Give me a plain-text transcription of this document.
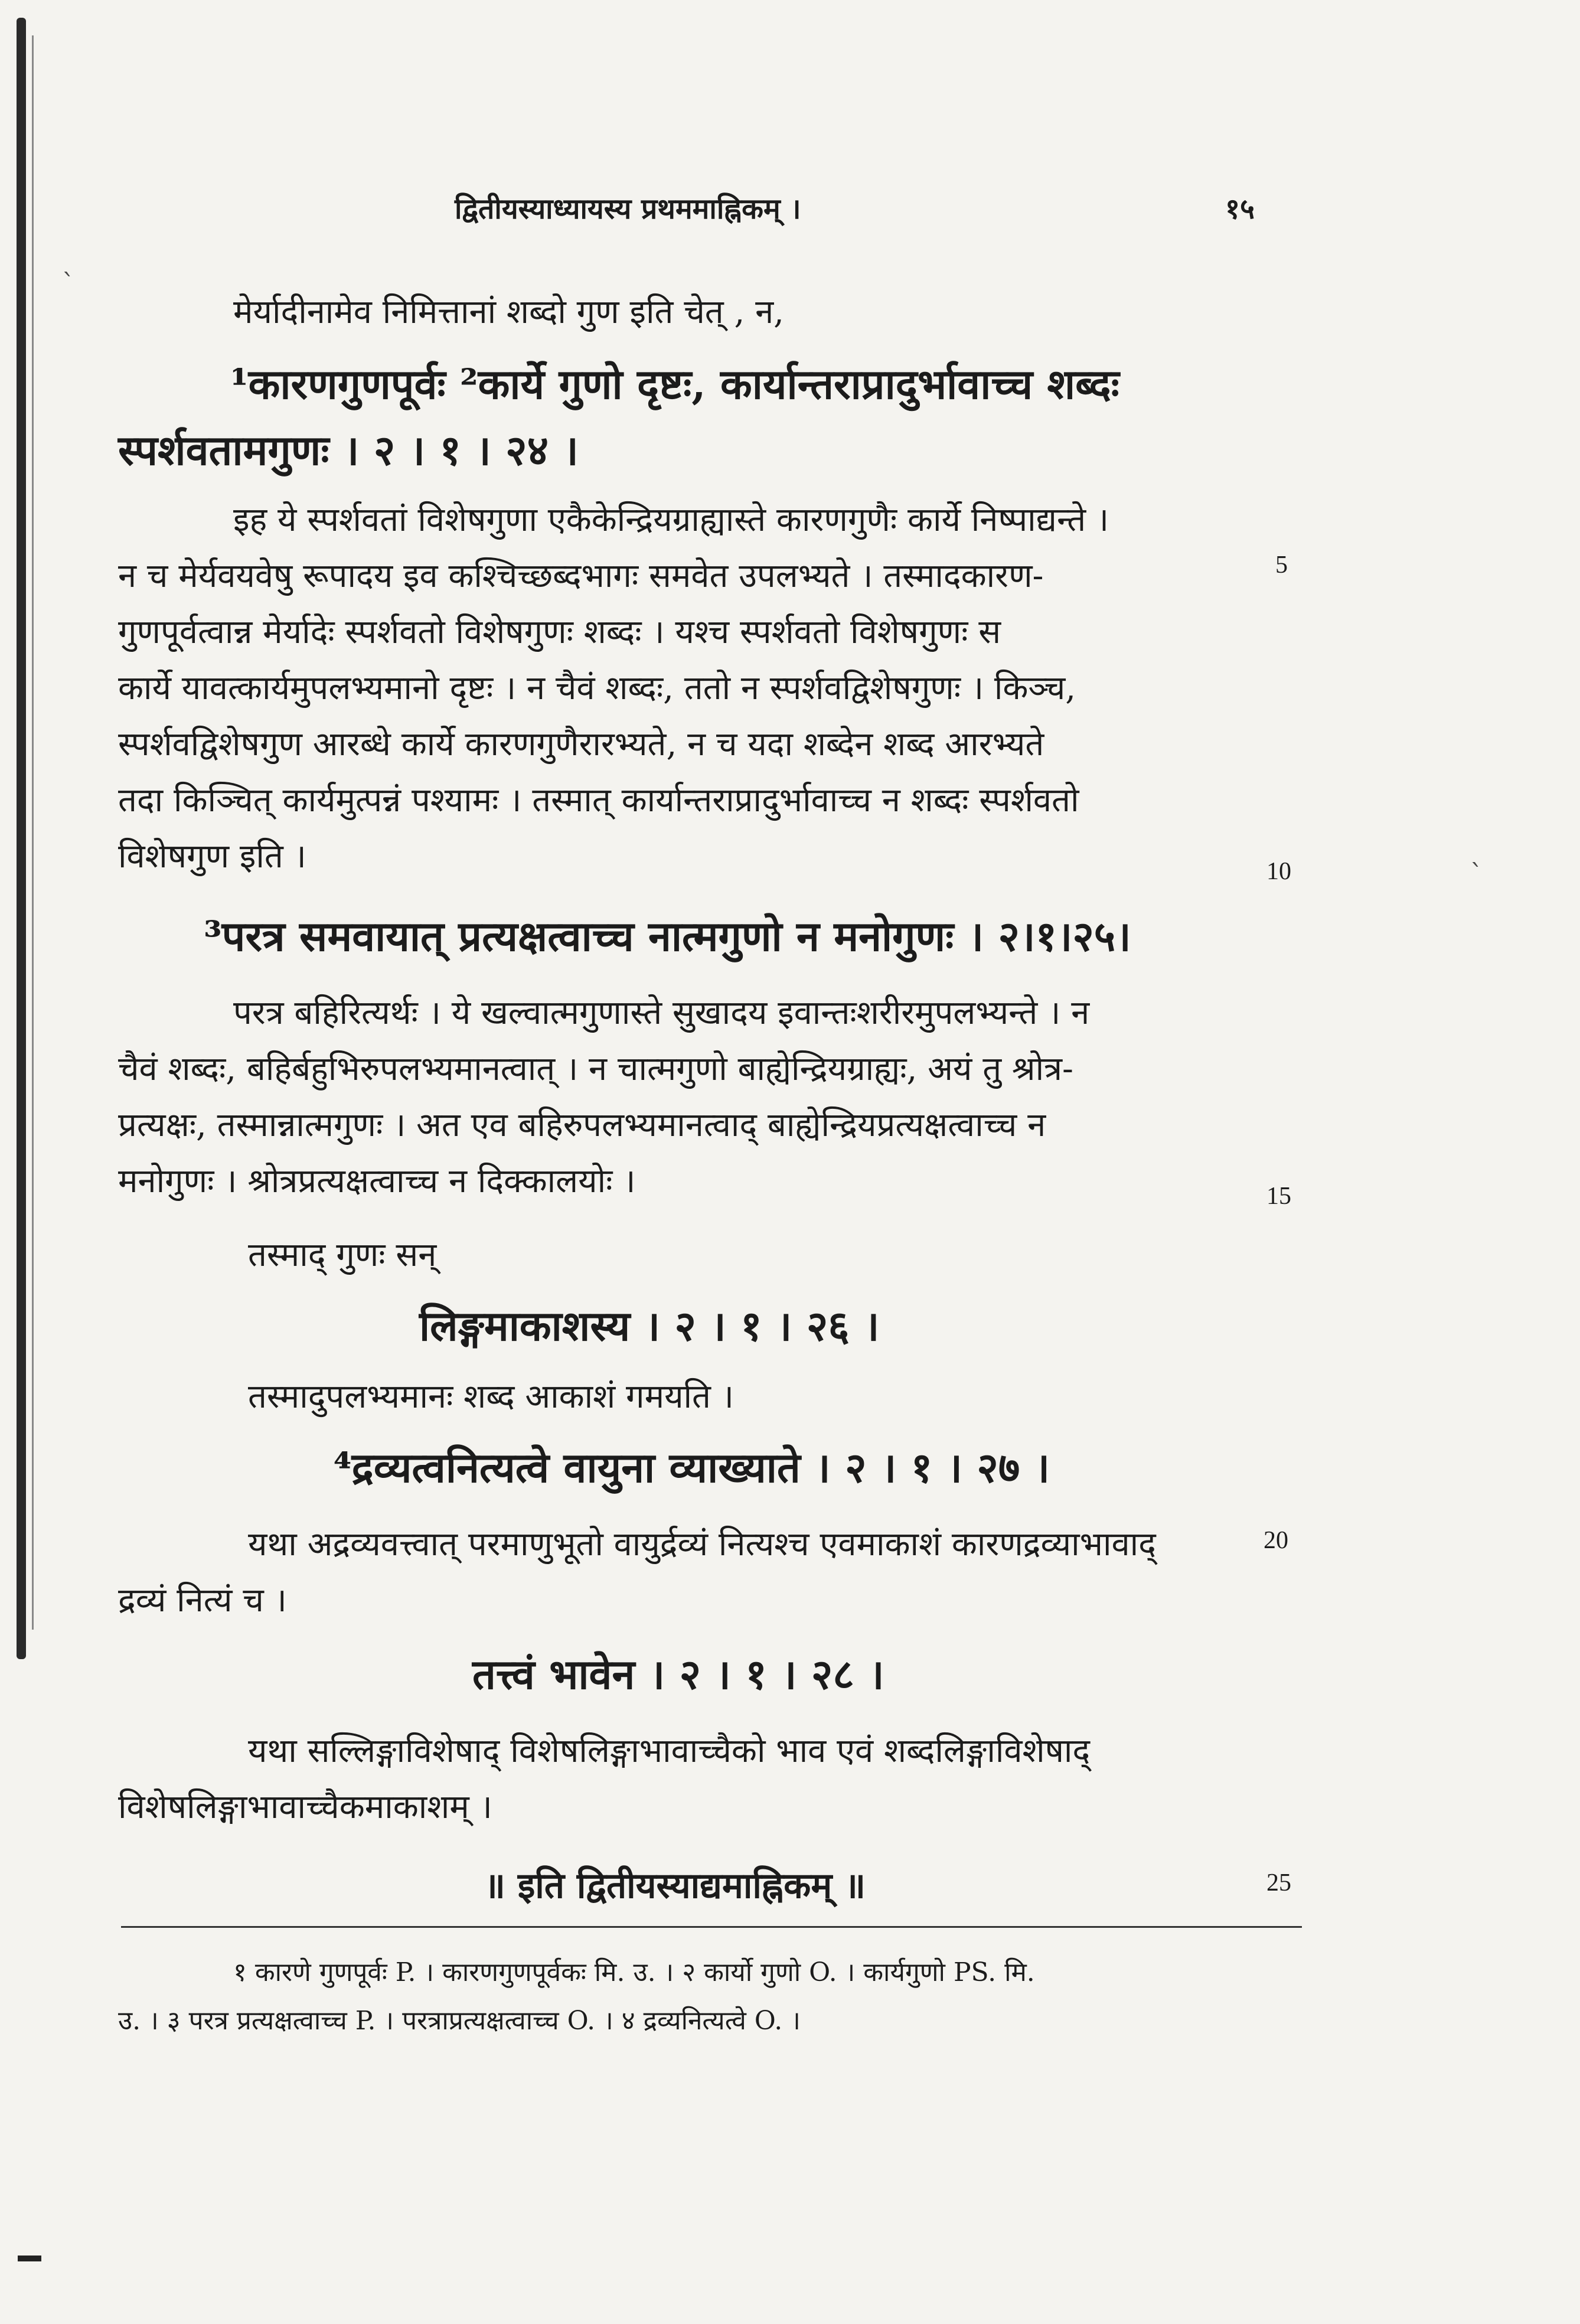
`
`
द्वितीयस्याध्यायस्य प्रथममाह्निकम् ।	१५
मेर्यादीनामेव निमित्तानां शब्दो गुण इति चेत् , न,
¹कारणगुणपूर्वः ²कार्ये गुणो दृष्टः, कार्यान्तराप्रादुर्भावाच्च शब्दः
स्पर्शवतामगुणः । २ । १ । २४ ।
इह ये स्पर्शवतां विशेषगुणा एकैकेन्द्रियग्राह्यास्ते कारणगुणैः कार्ये निष्पाद्यन्ते ।
न च मेर्यवयवेषु रूपादय इव कश्चिच्छब्दभागः समवेत उपलभ्यते । तस्मादकारण-
गुणपूर्वत्वान्न मेर्यादेः स्पर्शवतो विशेषगुणः शब्दः । यश्च स्पर्शवतो विशेषगुणः स
कार्ये यावत्कार्यमुपलभ्यमानो दृष्टः । न चैवं शब्दः, ततो न स्पर्शवद्विशेषगुणः । किञ्च,
स्पर्शवद्विशेषगुण आरब्धे कार्ये कारणगुणैरारभ्यते, न च यदा शब्देन शब्द आरभ्यते
तदा किञ्चित् कार्यमुत्पन्नं पश्यामः । तस्मात् कार्यान्तराप्रादुर्भावाच्च न शब्दः स्पर्शवतो
विशेषगुण इति ।
³परत्र समवायात् प्रत्यक्षत्वाच्च नात्मगुणो न मनोगुणः । २।१।२५।
परत्र बहिरित्यर्थः । ये खल्वात्मगुणास्ते सुखादय इवान्तःशरीरमुपलभ्यन्ते । न
चैवं शब्दः, बहिर्बहुभिरुपलभ्यमानत्वात् । न चात्मगुणो बाह्येन्द्रियग्राह्यः, अयं तु श्रोत्र-
प्रत्यक्षः, तस्मान्नात्मगुणः । अत एव बहिरुपलभ्यमानत्वाद् बाह्येन्द्रियप्रत्यक्षत्वाच्च न
मनोगुणः । श्रोत्रप्रत्यक्षत्वाच्च न दिक्कालयोः ।
तस्माद् गुणः सन्
लिङ्गमाकाशस्य । २ । १ । २६ ।
तस्मादुपलभ्यमानः शब्द आकाशं गमयति ।
⁴द्रव्यत्वनित्यत्वे वायुना व्याख्याते । २ । १ । २७ ।
यथा अद्रव्यवत्त्वात् परमाणुभूतो वायुर्द्रव्यं नित्यश्च एवमाकाशं कारणद्रव्याभावाद्
द्रव्यं नित्यं च ।
तत्त्वं भावेन । २ । १ । २८ ।
यथा सल्लिङ्गाविशेषाद् विशेषलिङ्गाभावाच्चैको भाव एवं शब्दलिङ्गाविशेषाद्
विशेषलिङ्गाभावाच्चैकमाकाशम् ।
॥ इति द्वितीयस्याद्यमाह्निकम् ॥
5
10
15
20
25
१ कारणे गुणपूर्वः P. । कारणगुणपूर्वकः मि. उ. । २ कार्यो गुणो O. । कार्यगुणो PS. मि.
उ. । ३ परत्र प्रत्यक्षत्वाच्च P. । परत्राप्रत्यक्षत्वाच्च O. । ४ द्रव्यनित्यत्वे O. ।
